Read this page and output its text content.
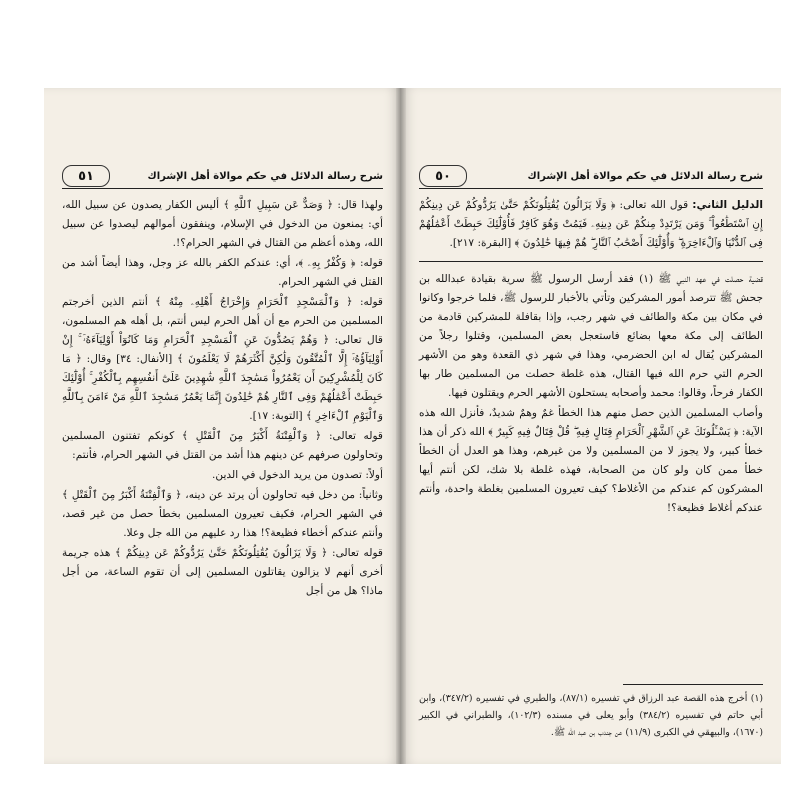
شرح رسالة الدلائل في حكم موالاة أهل الإشراك
٥١

ولهذا قال: ﴿ وَصَدٌّ عَن سَبِيلِ ٱللَّهِ ﴾ أليس الكفار يصدون عن سبيل الله، أي: يمنعون من الدخول في الإسلام، وينفقون أموالهم ليصدوا عن سبيل الله، وهذه أعظم من القتال في الشهر الحرام؟!.

قوله: ﴿ وَكُفْرٌ بِهِۦ ﴾، أي: عندكم الكفر بالله عز وجل، وهذا أيضاً أشد من القتل في الشهر الحرام.

قوله: ﴿ وَٱلْمَسْجِدِ ٱلْحَرَامِ وَإِخْرَاجُ أَهْلِهِۦ مِنْهُ ﴾ أنتم الذين أخرجتم المسلمين من الحرم مع أن أهل الحرم ليس أنتم، بل أهله هم المسلمون، قال تعالى: ﴿ وَهُمْ يَصُدُّونَ عَنِ ٱلْمَسْجِدِ ٱلْحَرَامِ وَمَا كَانُوٓاْ أَوْلِيَآءَهُۥٓ ۚ إِنْ أَوْلِيَآؤُهُۥٓ إِلَّا ٱلْمُتَّقُونَ وَلَٰكِنَّ أَكْثَرَهُمْ لَا يَعْلَمُونَ ﴾ [الأنفال: ٣٤] وقال: ﴿ مَا كَانَ لِلْمُشْرِكِينَ أَن يَعْمُرُواْ مَسَٰجِدَ ٱللَّهِ شَٰهِدِينَ عَلَىٰٓ أَنفُسِهِم بِٱلْكُفْرِ ۚ أُوْلَٰٓئِكَ حَبِطَتْ أَعْمَٰلُهُمْ وَفِى ٱلنَّارِ هُمْ خَٰلِدُونَ إِنَّمَا يَعْمُرُ مَسَٰجِدَ ٱللَّهِ مَنْ ءَامَنَ بِٱللَّهِ وَٱلْيَوْمِ ٱلْءَاخِرِ ﴾ [التوبة: ١٧].

قوله تعالى: ﴿ وَٱلْفِتْنَةُ أَكْبَرُ مِنَ ٱلْقَتْلِ ﴾ كونكم تفتنون المسلمين وتحاولون صرفهم عن دينهم هذا أشد من القتل في الشهر الحرام، فأنتم:

أولاً: تصدون من يريد الدخول في الدين.

وثانياً: من دخل فيه تحاولون أن يرتد عن دينه، ﴿ وَٱلْفِتْنَةُ أَكْبَرُ مِنَ ٱلْقَتْلِ ﴾ في الشهر الحرام، فكيف تعيرون المسلمين بخطأ حصل من غير قصد، وأنتم عندكم أخطاء فظيعة؟! هذا رد عليهم من الله جل وعلا.

قوله تعالى: ﴿ وَلَا يَزَالُونَ يُقَٰتِلُونَكُمْ حَتَّىٰ يَرُدُّوكُمْ عَن دِينِكُمْ ﴾ هذه جريمة أخرى أنهم لا يزالون يقاتلون المسلمين إلى أن تقوم الساعة، من أجل ماذا؟ هل من أجل

شرح رسالة الدلائل في حكم موالاة أهل الإشراك
٥٠

الدليل الثاني: قول الله تعالى: ﴿ وَلَا يَزَالُونَ يُقَٰتِلُونَكُمْ حَتَّىٰ يَرُدُّوكُمْ عَن دِينِكُمْ إِنِ ٱسْتَطَٰعُواْ ۚ وَمَن يَرْتَدِدْ مِنكُمْ عَن دِينِهِۦ فَيَمُتْ وَهُوَ كَافِرٌ فَأُوْلَٰٓئِكَ حَبِطَتْ أَعْمَٰلُهُمْ فِى ٱلدُّنْيَا وَٱلْءَاخِرَةِ ۖ وَأُوْلَٰٓئِكَ أَصْحَٰبُ ٱلنَّارِ ۖ هُمْ فِيهَا خَٰلِدُونَ ﴾ [البقرة: ٢١٧].

قضية حصلت في عهد النبي ﷺ (١) فقد أرسل الرسول ﷺ سرية بقيادة عبدالله بن جحش ﷺ تترصد أمور المشركين وتأتي بالأخبار للرسول ﷺ، فلما خرجوا وكانوا في مكان بين مكة والطائف في شهر رجب، وإذا بقافلة للمشركين قادمة من الطائف إلى مكة معها بضائع فاستعجل بعض المسلمين، وقتلوا رجلاً من المشركين يُقال له ابن الحضرمي، وهذا في شهر ذي القعدة وهو من الأشهر الحرم التي حرم الله فيها القتال، هذه غلطة حصلت من المسلمين طار بها الكفار فرحاً، وقالوا: محمد وأصحابه يستحلون الأشهر الحرم ويقتلون فيها.

وأصاب المسلمين الذين حصل منهم هذا الخطأ غمٌ وهمٌ شديدٌ، فأنزل الله هذه الآية: ﴿ يَسْـَٔلُونَكَ عَنِ ٱلشَّهْرِ ٱلْحَرَامِ قِتَالٍ فِيهِ ۖ قُلْ قِتَالٌ فِيهِ كَبِيرٌ ﴾ الله ذكر أن هذا خطأ كبير، ولا يجوز لا من المسلمين ولا من غيرهم، وهذا هو العدل أن الخطأ خطأ ممن كان ولو كان من الصحابة، فهذه غلطة بلا شك، لكن أنتم أيها المشركون كم عندكم من الأغلاط؟ كيف تعيرون المسلمين بغلطة واحدة، وأنتم عندكم أغلاط فظيعة؟!

(١) أخرج هذه القصة عبد الرزاق في تفسيره (٨٧/١)، والطبري في تفسيره (٣٤٧/٢)، وابن أبي حاتم في تفسيره (٣٨٤/٢) وأبو يعلى في مسنده (١٠٢/٣)، والطبراني في الكبير (١٦٧٠)، والبيهقي في الكبرى (١١/٩) عن جندب بن عبد الله ﷺ.
